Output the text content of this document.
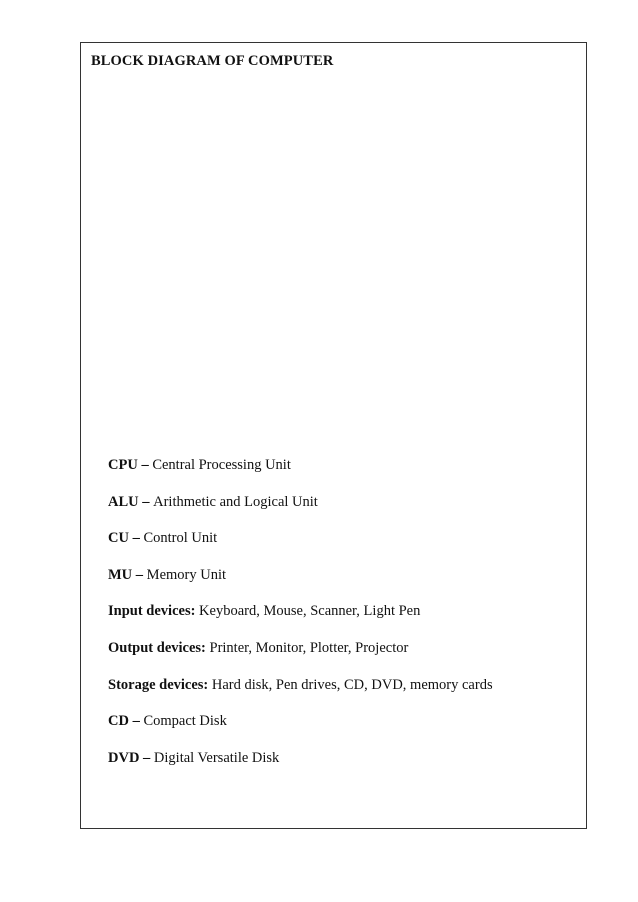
BLOCK DIAGRAM OF COMPUTER
CPU – Central Processing Unit
ALU – Arithmetic and Logical Unit
CU – Control Unit
MU – Memory Unit
Input devices: Keyboard, Mouse, Scanner, Light Pen
Output devices: Printer, Monitor, Plotter, Projector
Storage devices: Hard disk, Pen drives, CD, DVD, memory cards
CD – Compact Disk
DVD – Digital Versatile Disk
